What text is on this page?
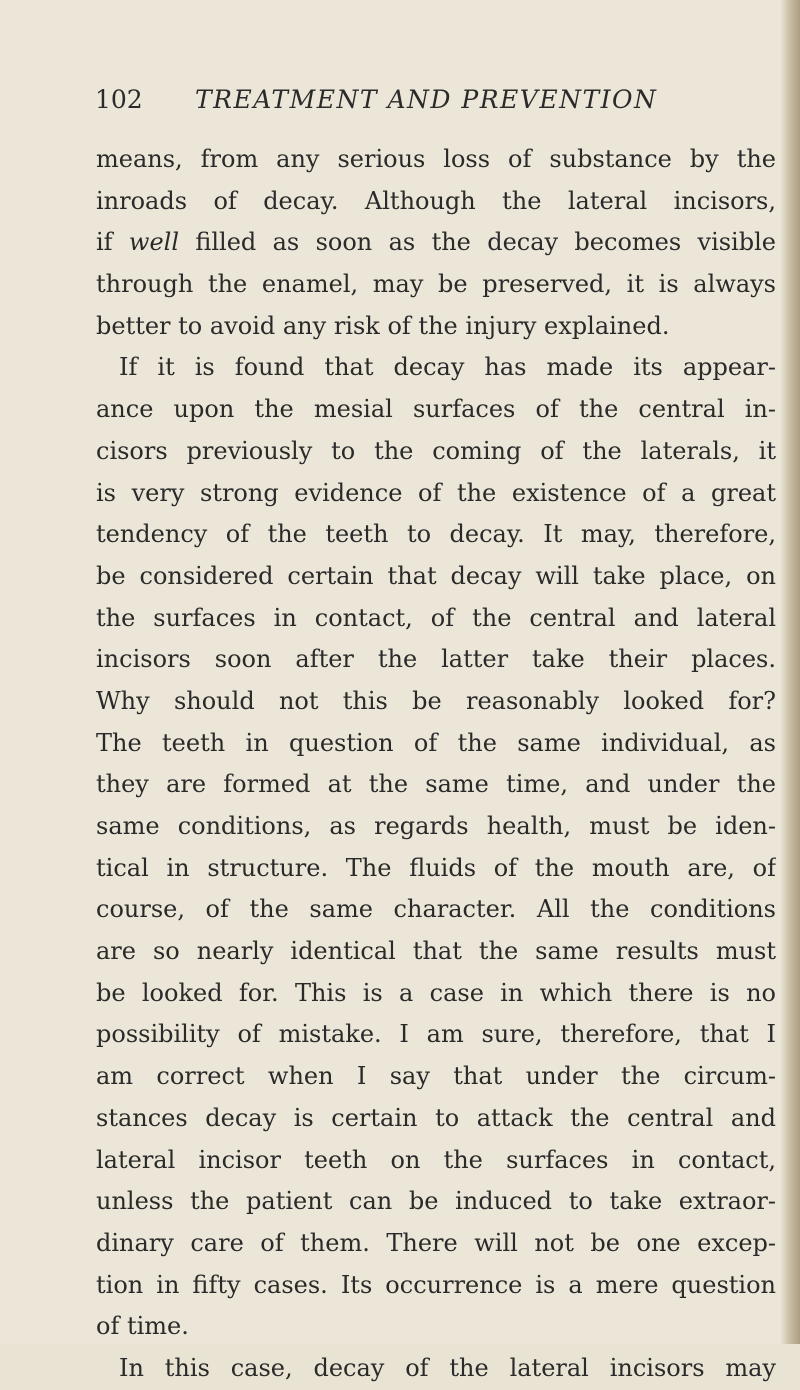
102 TREATMENT AND PREVENTION
means, from any serious loss of substance by the
inroads of decay. Although the lateral incisors,
if well filled as soon as the decay becomes visible
through the enamel, may be preserved, it is always
better to avoid any risk of the injury explained.
If it is found that decay has made its appear-
ance upon the mesial surfaces of the central in-
cisors previously to the coming of the laterals, it
is very strong evidence of the existence of a great
tendency of the teeth to decay. It may, therefore,
be considered certain that decay will take place, on
the surfaces in contact, of the central and lateral
incisors soon after the latter take their places.
Why should not this be reasonably looked for?
The teeth in question of the same individual, as
they are formed at the same time, and under the
same conditions, as regards health, must be iden-
tical in structure. The fluids of the mouth are, of
course, of the same character. All the conditions
are so nearly identical that the same results must
be looked for. This is a case in which there is no
possibility of mistake. I am sure, therefore, that I
am correct when I say that under the circum-
stances decay is certain to attack the central and
lateral incisor teeth on the surfaces in contact,
unless the patient can be induced to take extraor-
dinary care of them. There will not be one excep-
tion in fifty cases. Its occurrence is a mere question
of time.
In this case, decay of the lateral incisors may
